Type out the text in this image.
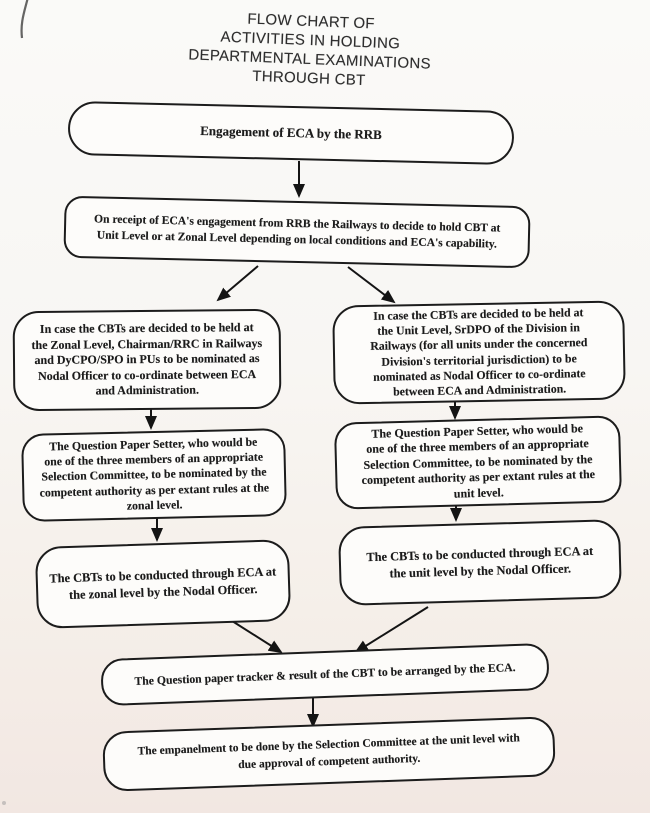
FLOW CHART OF
ACTIVITIES IN HOLDING
DEPARTMENTAL EXAMINATIONS
THROUGH CBT
Engagement of ECA by the RRB
On receipt of ECA's engagement from RRB the Railways to decide to hold CBT at
Unit Level or at Zonal Level depending on local conditions and ECA's capability.
In case the CBTs are decided to be held at
the Zonal Level, Chairman/RRC in Railways
and DyCPO/SPO in PUs to be nominated as
Nodal Officer to co-ordinate between ECA
and Administration.
In case the CBTs are decided to be held at
the Unit Level, SrDPO of the Division in
Railways (for all units under the concerned
Division's territorial jurisdiction) to be
nominated as Nodal Officer to co-ordinate
between ECA and Administration.
The Question Paper Setter, who would be
one of the three members of an appropriate
Selection Committee, to be nominated by the
competent authority as per extant rules at the
zonal level.
The Question Paper Setter, who would be
one of the three members of an appropriate
Selection Committee, to be nominated by the
competent authority as per extant rules at the
unit level.
The CBTs to be conducted through ECA at
the zonal level by the Nodal Officer.
The CBTs to be conducted through ECA at
the unit level by the Nodal Officer.
The Question paper tracker & result of the CBT to be arranged by the ECA.
The empanelment to be done by the Selection Committee at the unit level with
due approval of competent authority.
